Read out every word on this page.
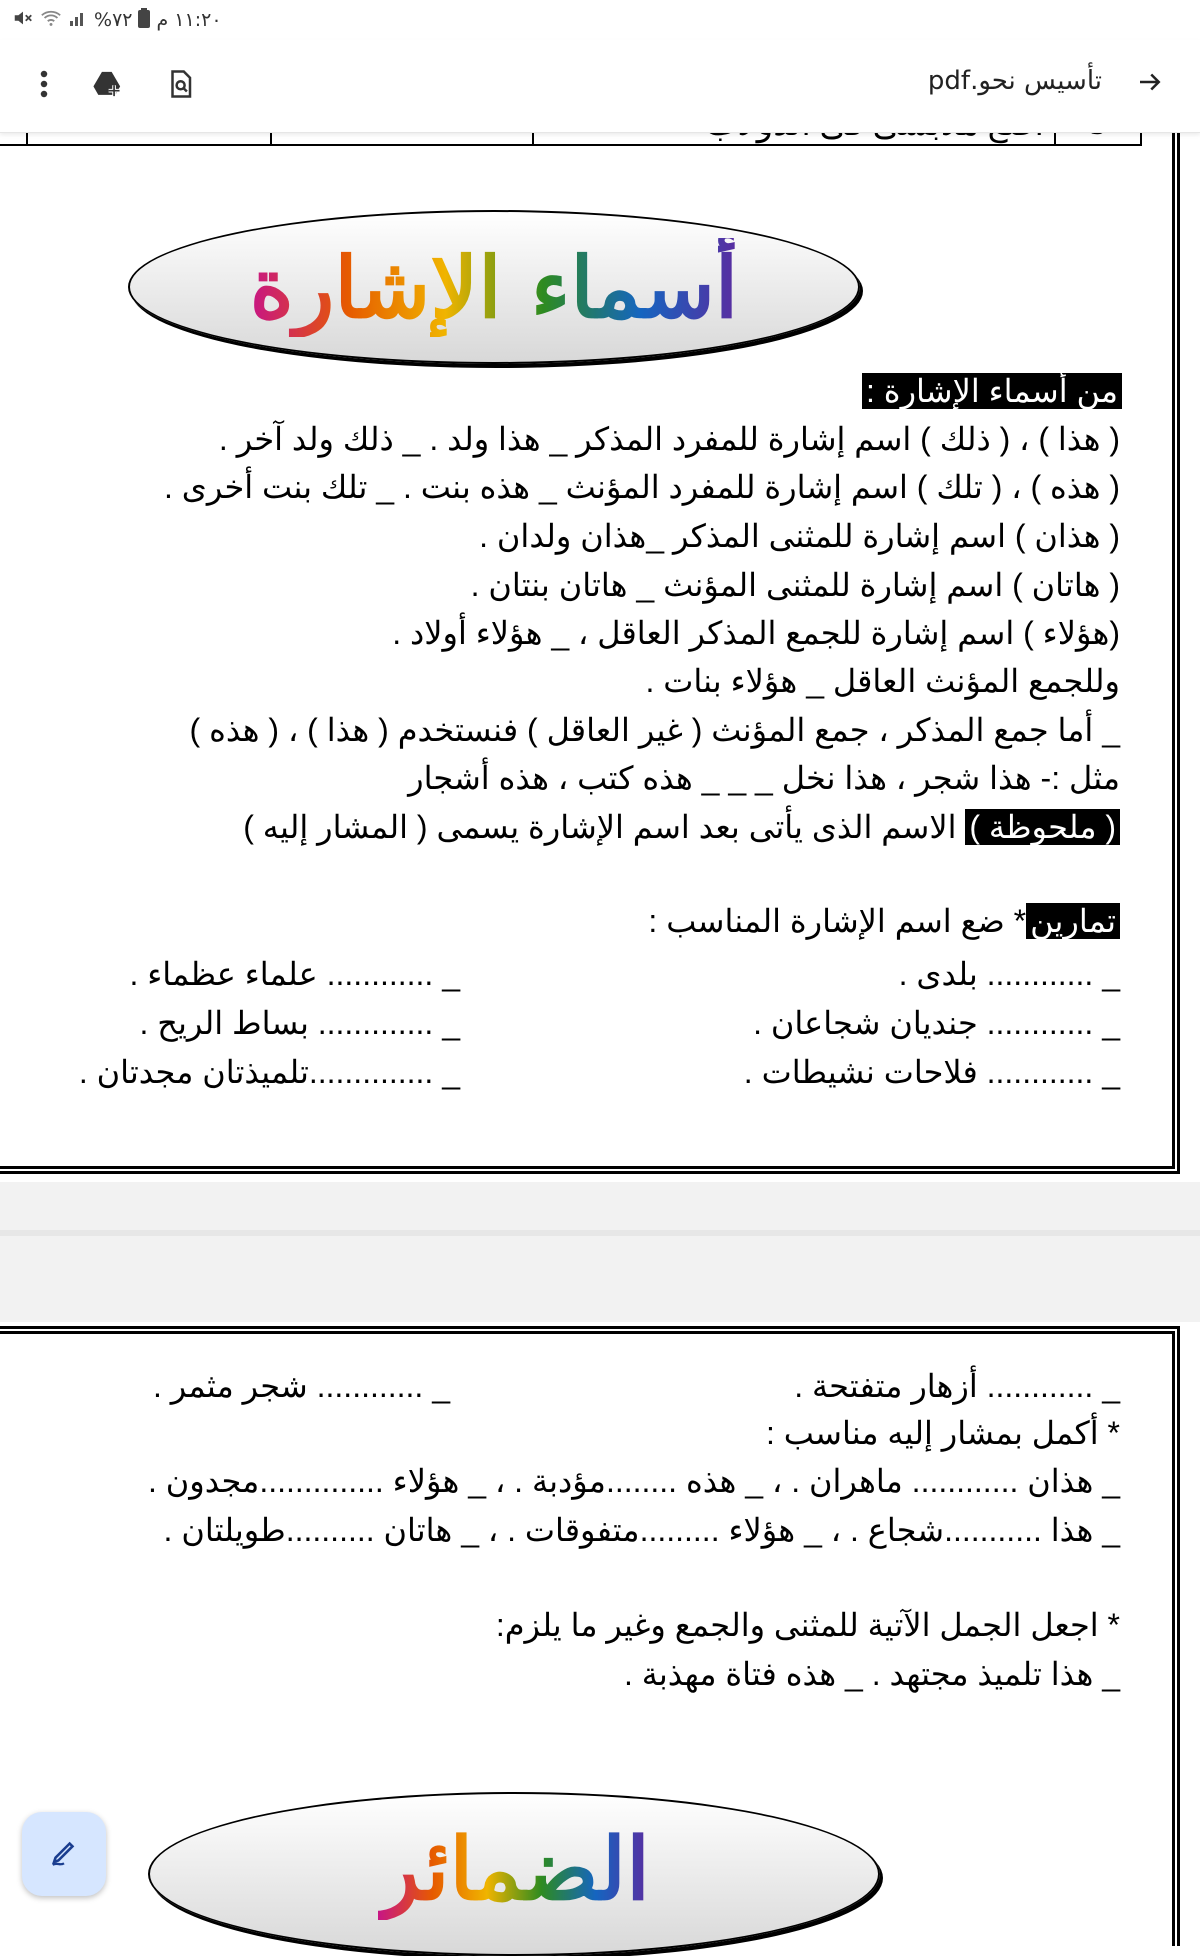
%٧٢ ١١:٢٠ م
تأسيس نحو.pdf

أسماء الإشارة
من أسماء الإشارة :
( هذا ) ، ( ذلك ) اسم إشارة للمفرد المذكر _ هذا ولد . _ ذلك ولد آخر .
( هذه ) ، ( تلك ) اسم إشارة للمفرد المؤنث _ هذه بنت . _ تلك بنت أخرى .
( هذان ) اسم إشارة للمثنى المذكر _هذان ولدان .
( هاتان ) اسم إشارة للمثنى المؤنث _ هاتان بنتان .
(هؤلاء ) اسم إشارة للجمع المذكر العاقل ، _ هؤلاء أولاد .
وللجمع المؤنث العاقل _ هؤلاء بنات .
_ أما جمع المذكر ، جمع المؤنث ( غير العاقل ) فنستخدم ( هذا ) ، ( هذه )
مثل :- هذا شجر ، هذا نخل _ _ _ هذه كتب ، هذه أشجار
( ملحوظة ) الاسم الذى يأتى بعد اسم الإشارة يسمى ( المشار إليه )
تمارين* ضع اسم الإشارة المناسب :
_ ............ بلدى .
_ ............ علماء عظماء .
_ ............ جنديان شجاعان .
_ ............. بساط الريح .
_ ............ فلاحات نشيطات .
_ ..............تلميذتان مجدتان .
_ ............ أزهار متفتحة .
_ ............ شجر مثمر .
* أكمل بمشار إليه مناسب :
_ هذان ............ ماهران . ، _ هذه ........مؤدبة . ، _ هؤلاء ..............مجدون .
_ هذا ...........شجاع . ، _ هؤلاء .........متفوقات . ، _ هاتان ..........طويلتان .
* اجعل الجمل الآتية للمثنى والجمع وغير ما يلزم:
_ هذا تلميذ مجتهد . _ هذه فتاة مهذبة .
الضمائر
